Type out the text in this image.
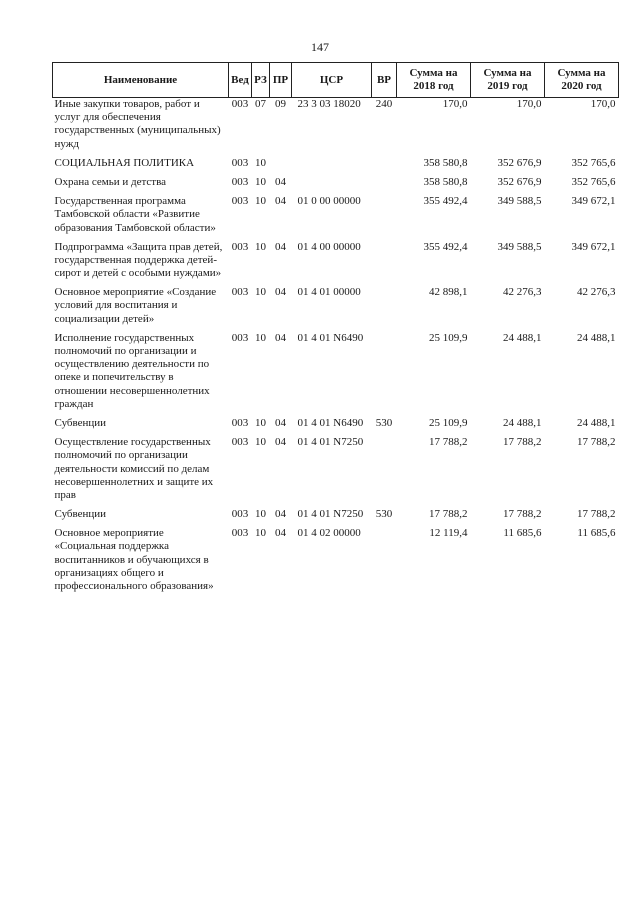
147
Наименование	Вед	РЗ	ПР	ЦСР	ВР	Сумма на 2018 год	Сумма на 2019 год	Сумма на 2020 год
Иные закупки товаров, работ и услуг для обеспечения государственных (муниципальных) нужд	003	07	09	23 3 03 18020	240	170,0	170,0	170,0

СОЦИАЛЬНАЯ ПОЛИТИКА	003	10				358 580,8	352 676,9	352 765,6

Охрана семьи и детства	003	10	04			358 580,8	352 676,9	352 765,6

Государственная программа Тамбовской области «Развитие образования Тамбовской области»	003	10	04	01 0 00 00000		355 492,4	349 588,5	349 672,1

Подпрограмма «Защита прав детей, государственная поддержка детей-сирот и детей с особыми нуждами»	003	10	04	01 4 00 00000		355 492,4	349 588,5	349 672,1

Основное мероприятие «Создание условий для воспитания и социализации детей»	003	10	04	01 4 01 00000		42 898,1	42 276,3	42 276,3

Исполнение государственных полномочий по организации и осуществлению деятельности по опеке и попечительству в отношении несовершеннолетних граждан	003	10	04	01 4 01 N6490		25 109,9	24 488,1	24 488,1

Субвенции	003	10	04	01 4 01 N6490	530	25 109,9	24 488,1	24 488,1

Осуществление государственных полномочий по организации деятельности комиссий по делам несовершеннолетних и защите их прав	003	10	04	01 4 01 N7250		17 788,2	17 788,2	17 788,2

Субвенции	003	10	04	01 4 01 N7250	530	17 788,2	17 788,2	17 788,2

Основное мероприятие «Социальная поддержка воспитанников и обучающихся в организациях общего и профессионального образования»	003	10	04	01 4 02 00000		12 119,4	11 685,6	11 685,6
